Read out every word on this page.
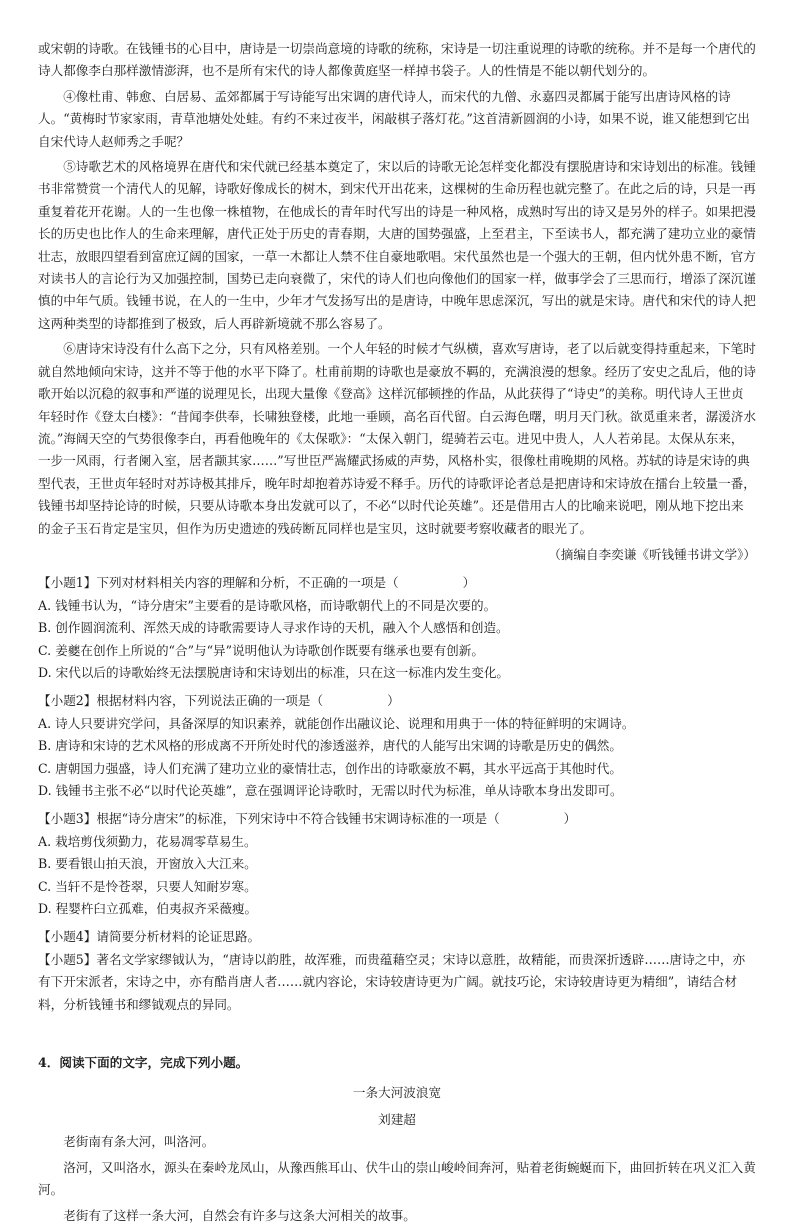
或宋朝的诗歌。在钱锺书的心目中，唐诗是一切崇尚意境的诗歌的统称，宋诗是一切注重说理的诗歌的统称。并不是每一个唐代的诗人都像李白那样激情澎湃，也不是所有宋代的诗人都像黄庭坚一样掉书袋子。人的性情是不能以朝代划分的。

④像杜甫、韩愈、白居易、孟郊都属于写诗能写出宋调的唐代诗人，而宋代的九僧、永嘉四灵都属于能写出唐诗风格的诗人。“黄梅时节家家雨，青草池塘处处蛙。有约不来过夜半，闲敲棋子落灯花。”这首清新圆润的小诗，如果不说，谁又能想到它出自宋代诗人赵师秀之手呢？

⑤诗歌艺术的风格境界在唐代和宋代就已经基本奠定了，宋以后的诗歌无论怎样变化都没有摆脱唐诗和宋诗划出的标准。钱锺书非常赞赏一个清代人的见解，诗歌好像成长的树木，到宋代开出花来，这棵树的生命历程也就完整了。在此之后的诗，只是一再重复着花开花谢。人的一生也像一株植物，在他成长的青年时代写出的诗是一种风格，成熟时写出的诗又是另外的样子。如果把漫长的历史也比作人的生命来理解，唐代正处于历史的青春期，大唐的国势强盛，上至君主，下至读书人，都充满了建功立业的豪情壮志，放眼四望看到富庶辽阔的国家，一草一木都让人禁不住自豪地歌唱。宋代虽然也是一个强大的王朝，但内忧外患不断，官方对读书人的言论行为又加强控制，国势已走向衰微了，宋代的诗人们也向像他们的国家一样，做事学会了三思而行，增添了深沉谨慎的中年气质。钱锺书说，在人的一生中，少年才气发扬写出的是唐诗，中晚年思虑深沉，写出的就是宋诗。唐代和宋代的诗人把这两种类型的诗都推到了极致，后人再辟新境就不那么容易了。

⑥唐诗宋诗没有什么高下之分，只有风格差别。一个人年轻的时候才气纵横，喜欢写唐诗，老了以后就变得持重起来，下笔时就自然地倾向宋诗，这并不等于他的水平下降了。杜甫前期的诗歌也是豪放不羁的，充满浪漫的想象。经历了安史之乱后，他的诗歌开始以沉稳的叙事和严谨的说理见长，出现大量像《登高》这样沉郁顿挫的作品，从此获得了“诗史”的美称。明代诗人王世贞年轻时作《登太白楼》：“昔闻李供奉，长啸独登楼，此地一垂顾，高名百代留。白云海色曙，明月天门秋。欲觅重来者，潺湲济水流。”海阔天空的气势很像李白，再看他晚年的《太保歌》：“太保入朝门，缇骑若云屯。进见中贵人，人人若弟昆。太保从东来，一步一风雨，行者阑入室，居者颛其家……”写世臣严嵩耀武扬威的声势，风格朴实，很像杜甫晚期的风格。苏轼的诗是宋诗的典型代表，王世贞年轻时对苏诗极其排斥，晚年时却抱着苏诗爱不释手。历代的诗歌评论者总是把唐诗和宋诗放在擂台上较量一番，钱锺书却坚持论诗的时候，只要从诗歌本身出发就可以了，不必“以时代论英雄”。还是借用古人的比喻来说吧，刚从地下挖出来的金子玉石肯定是宝贝，但作为历史遗迹的残砖断瓦同样也是宝贝，这时就要考察收藏者的眼光了。

（摘编自李奕谦《听钱锺书讲文学》）

【小题1】下列对材料相关内容的理解和分析，不正确的一项是（	）

A. 钱锺书认为，“诗分唐宋”主要看的是诗歌风格，而诗歌朝代上的不同是次要的。

B. 创作圆润流利、浑然天成的诗歌需要诗人寻求作诗的天机，融入个人感悟和创造。

C. 姜夔在创作上所说的“合”与“异”说明他认为诗歌创作既要有继承也要有创新。

D. 宋代以后的诗歌始终无法摆脱唐诗和宋诗划出的标准，只在这一标准内发生变化。

【小题2】根据材料内容，下列说法正确的一项是（	）

A. 诗人只要讲究学问，具备深厚的知识素养，就能创作出融议论、说理和用典于一体的特征鲜明的宋调诗。

B. 唐诗和宋诗的艺术风格的形成离不开所处时代的渗透滋养，唐代的人能写出宋调的诗歌是历史的偶然。

C. 唐朝国力强盛，诗人们充满了建功立业的豪情壮志，创作出的诗歌豪放不羁，其水平远高于其他时代。

D. 钱锺书主张不必“以时代论英雄”，意在强调评论诗歌时，无需以时代为标准，单从诗歌本身出发即可。

【小题3】根据“诗分唐宋”的标准，下列宋诗中不符合钱锺书宋调诗标准的一项是（	）

A. 栽培剪伐须勤力，花易凋零草易生。

B. 要看银山拍天浪，开窗放入大江来。

C. 当轩不是怜苍翠，只要人知耐岁寒。

D. 程婴杵臼立孤难，伯夷叔齐采薇瘦。

【小题4】请简要分析材料的论证思路。

【小题5】著名文学家缪钺认为，“唐诗以韵胜，故浑雅，而贵蕴藉空灵；宋诗以意胜，故精能，而贵深折透辟……唐诗之中，亦有下开宋派者，宋诗之中，亦有酷肖唐人者……就内容论，宋诗较唐诗更为广阔。就技巧论，宋诗较唐诗更为精细”，请结合材料，分析钱锺书和缪钺观点的异同。

4．阅读下面的文字，完成下列小题。

一条大河波浪宽

刘建超

老街南有条大河，叫洛河。

洛河，又叫洛水，源头在秦岭龙凤山，从豫西熊耳山、伏牛山的崇山峻岭间奔河，贴着老街蜿蜒而下，曲回折转在巩义汇入黄河。

老街有了这样一条大河，自然会有许多与这条大河相关的故事。
